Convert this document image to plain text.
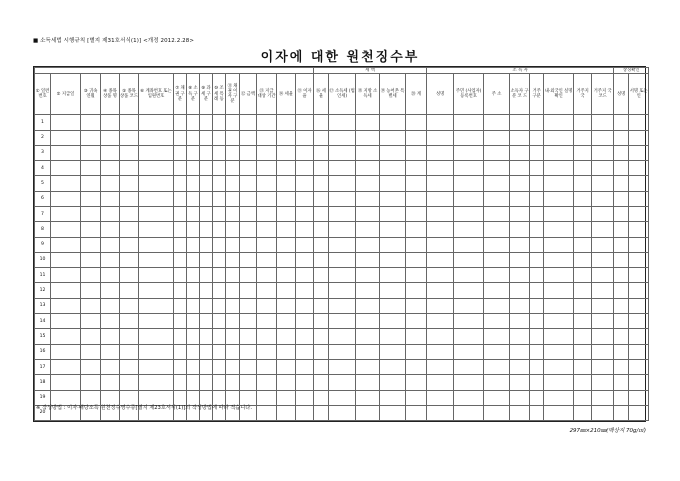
■ 소득세법 시행규칙 [별지 제31호서식(1)] <개정 2012.2.28>
이자에 대한 원천징수부
															세 액					소 득 자								상징확인	
① 일련 번호	② 지급일	③ 귀속 연월	④ 종목 상품 명	⑤ 종목 상품 코드	⑥ 계좌번호 또는 입원번호	⑦ 채권 구분	⑧ 소득 구분	⑨ 과세 구분	⑩ 조세 특례 등	⑪ 채권 이자 구분	⑫ 금액	⑬ 지급 대상 기간	⑭ 세율	⑮ 이자율	⑯ 세 율	⑰ 소득세 (법인세)	⑱ 지방 소득세	⑲ 농어촌 특별세	⑳ 계	성명	주민 (사업자) 등록번호	주 소	소득자 구 분 코 드	거주 구분	내·외국인 실명확인	거주지 국	거주지 국 코드	성명	서명 또는 인
1																													
2																													
3																													
4																													
5																													
6																													
7																													
8																													
9																													
10																													
11																													
12																													
13																													
14																													
15																													
16																													
17																													
18																													
19																													
20																													
※ 작성방법 : 이자·배당소득 원천징수영수증[별지 제23호서식(1)]의 작성방법에 따라 적습니다.
297㎜×210㎜(백상지 70g/㎡)
